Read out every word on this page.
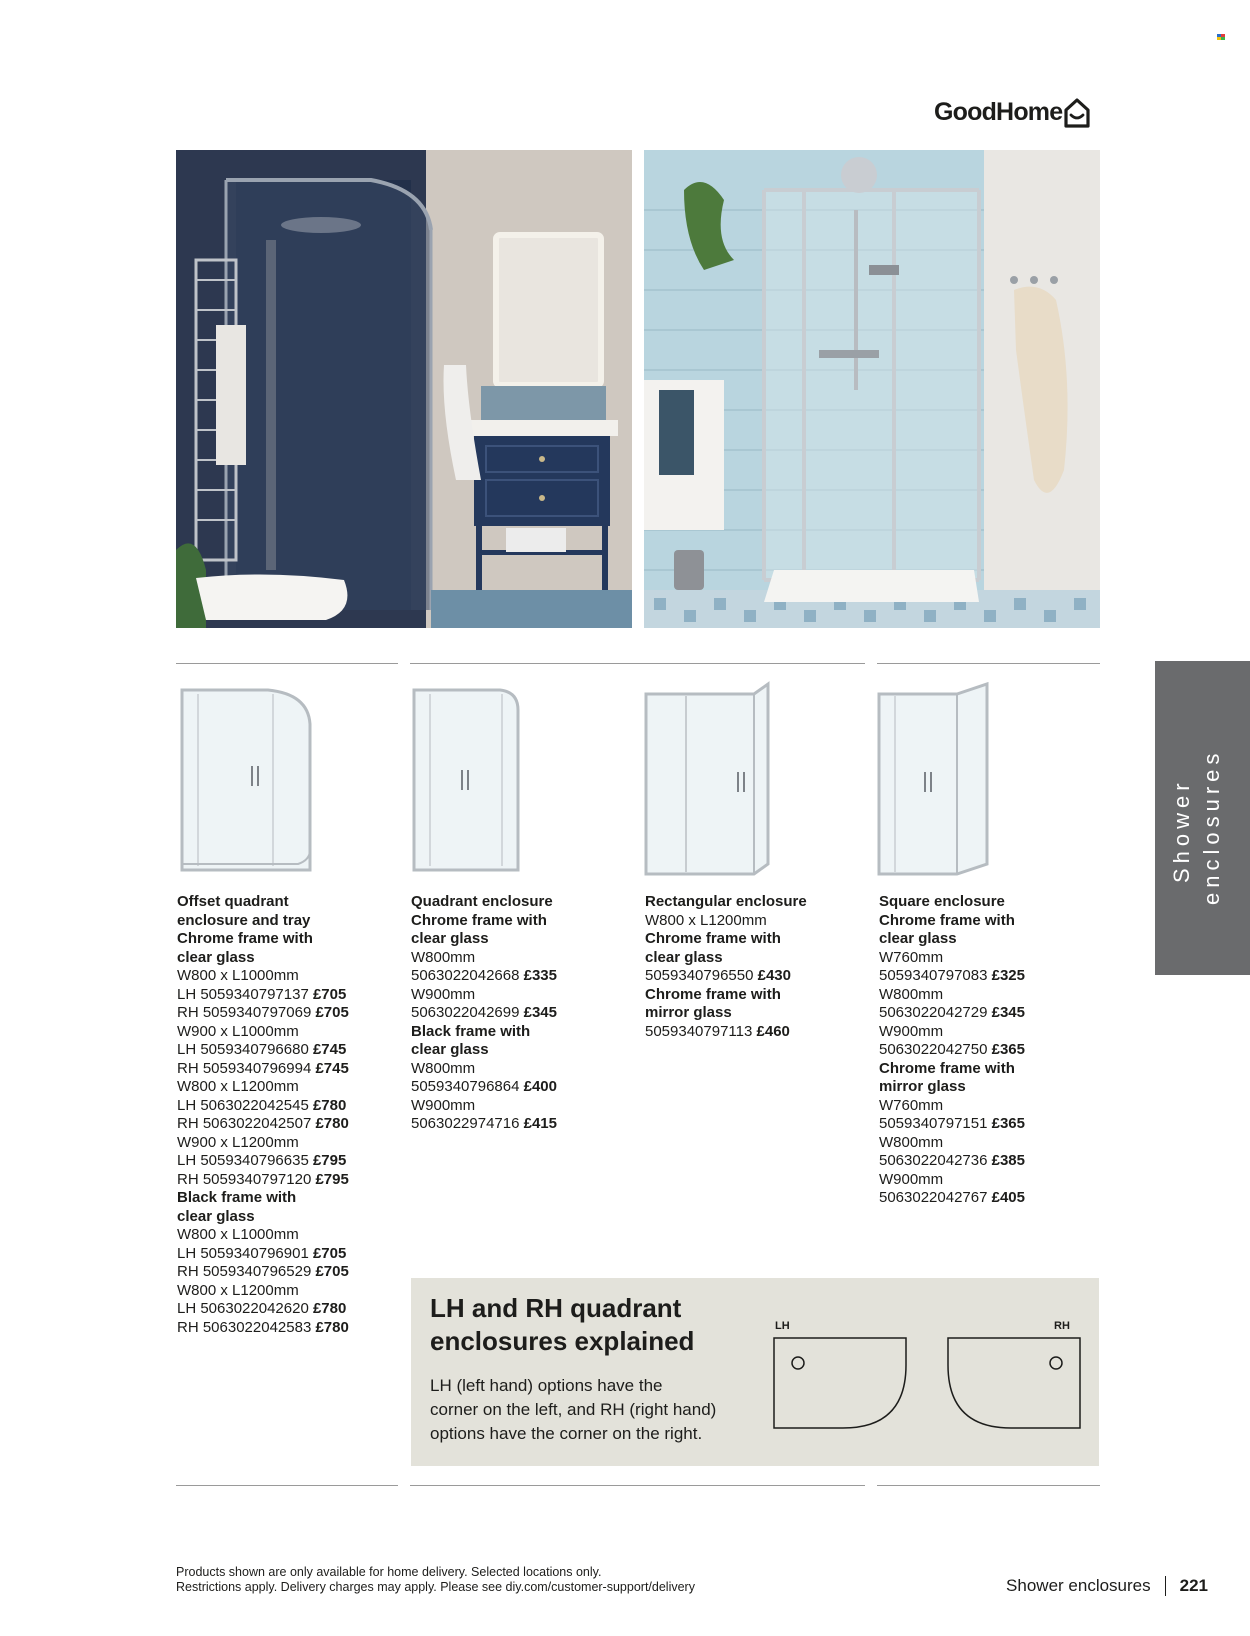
GoodHome
Offset quadrant
enclosure and tray
Chrome frame with
clear glass
W800 x L1000mm
LH 5059340797137 £705
RH 5059340797069 £705
W900 x L1000mm
LH 5059340796680 £745
RH 5059340796994 £745
W800 x L1200mm
LH 5063022042545 £780
RH 5063022042507 £780
W900 x L1200mm
LH 5059340796635 £795
RH 5059340797120 £795
Black frame with
clear glass
W800 x L1000mm
LH 5059340796901 £705
RH 5059340796529 £705
W800 x L1200mm
LH 5063022042620 £780
RH 5063022042583 £780
Quadrant enclosure
Chrome frame with
clear glass
W800mm
5063022042668 £335
W900mm
5063022042699 £345
Black frame with
clear glass
W800mm
5059340796864 £400
W900mm
5063022974716 £415
Rectangular enclosure
W800 x L1200mm
Chrome frame with
clear glass
5059340796550 £430
Chrome frame with
mirror glass
5059340797113 £460
Square enclosure
Chrome frame with
clear glass
W760mm
5059340797083 £325
W800mm
5063022042729 £345
W900mm
5063022042750 £365
Chrome frame with
mirror glass
W760mm
5059340797151 £365
W800mm
5063022042736 £385
W900mm
5063022042767 £405
Shower enclosures
LH and RH quadrant
enclosures explained

LH (left hand) options have the
corner on the left, and RH (right hand)
options have the corner on the right.

LH	RH
Products shown are only available for home delivery. Selected locations only.
Restrictions apply. Delivery charges may apply. Please see diy.com/customer-support/delivery	Shower enclosures 221
